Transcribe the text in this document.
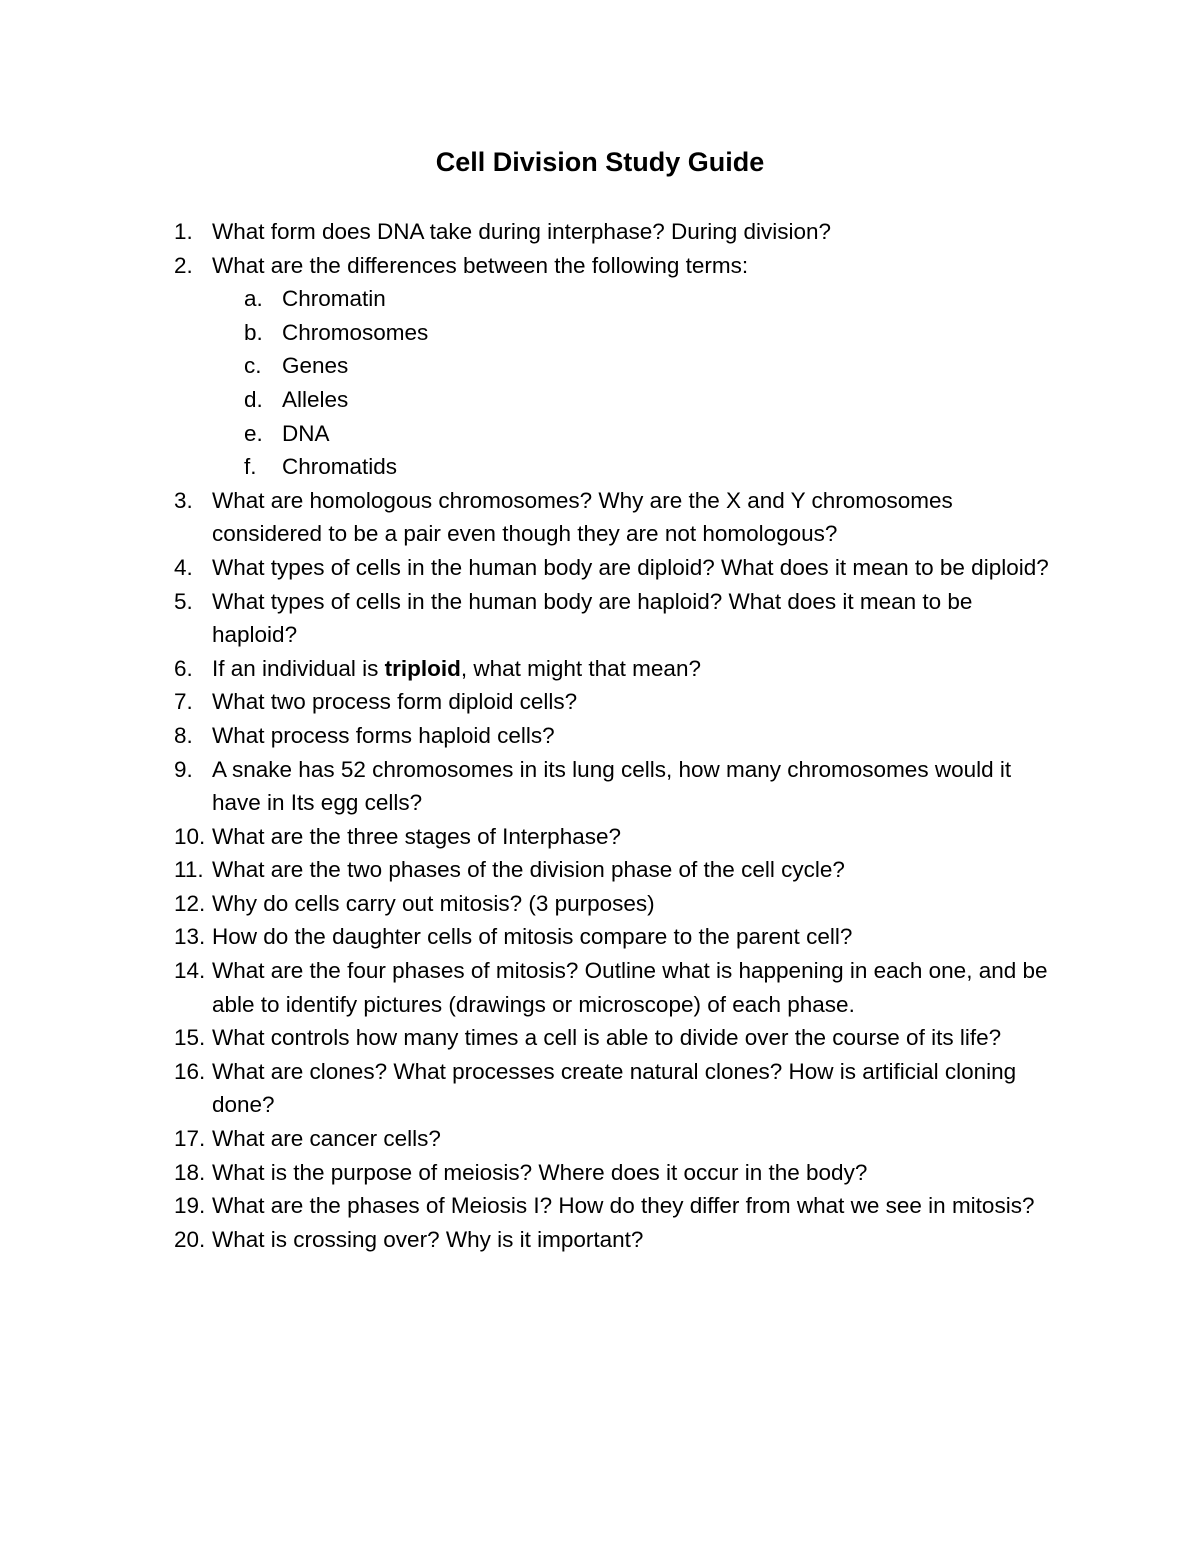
Cell Division Study Guide
1. What form does DNA take during interphase? During division?
2. What are the differences between the following terms:
a. Chromatin
b. Chromosomes
c. Genes
d. Alleles
e. DNA
f.	Chromatids
3. What are homologous chromosomes? Why are the X and Y chromosomes considered to be a pair even though they are not homologous?
4. What types of cells in the human body are diploid? What does it mean to be diploid?
5. What types of cells in the human body are haploid? What does it mean to be haploid?
6. If an individual is triploid, what might that mean?
7. What two process form diploid cells?
8. What process forms haploid cells?
9. A snake has 52 chromosomes in its lung cells, how many chromosomes would it have in Its egg cells?
10. What are the three stages of Interphase?
11. What are the two phases of the division phase of the cell cycle?
12. Why do cells carry out mitosis? (3 purposes)
13. How do the daughter cells of mitosis compare to the parent cell?
14. What are the four phases of mitosis? Outline what is happening in each one, and be able to identify pictures (drawings or microscope) of each phase.
15. What controls how many times a cell is able to divide over the course of its life?
16. What are clones? What processes create natural clones? How is artificial cloning done?
17. What are cancer cells?
18. What is the purpose of meiosis? Where does it occur in the body?
19. What are the phases of Meiosis I? How do they differ from what we see in mitosis?
20. What is crossing over? Why is it important?
